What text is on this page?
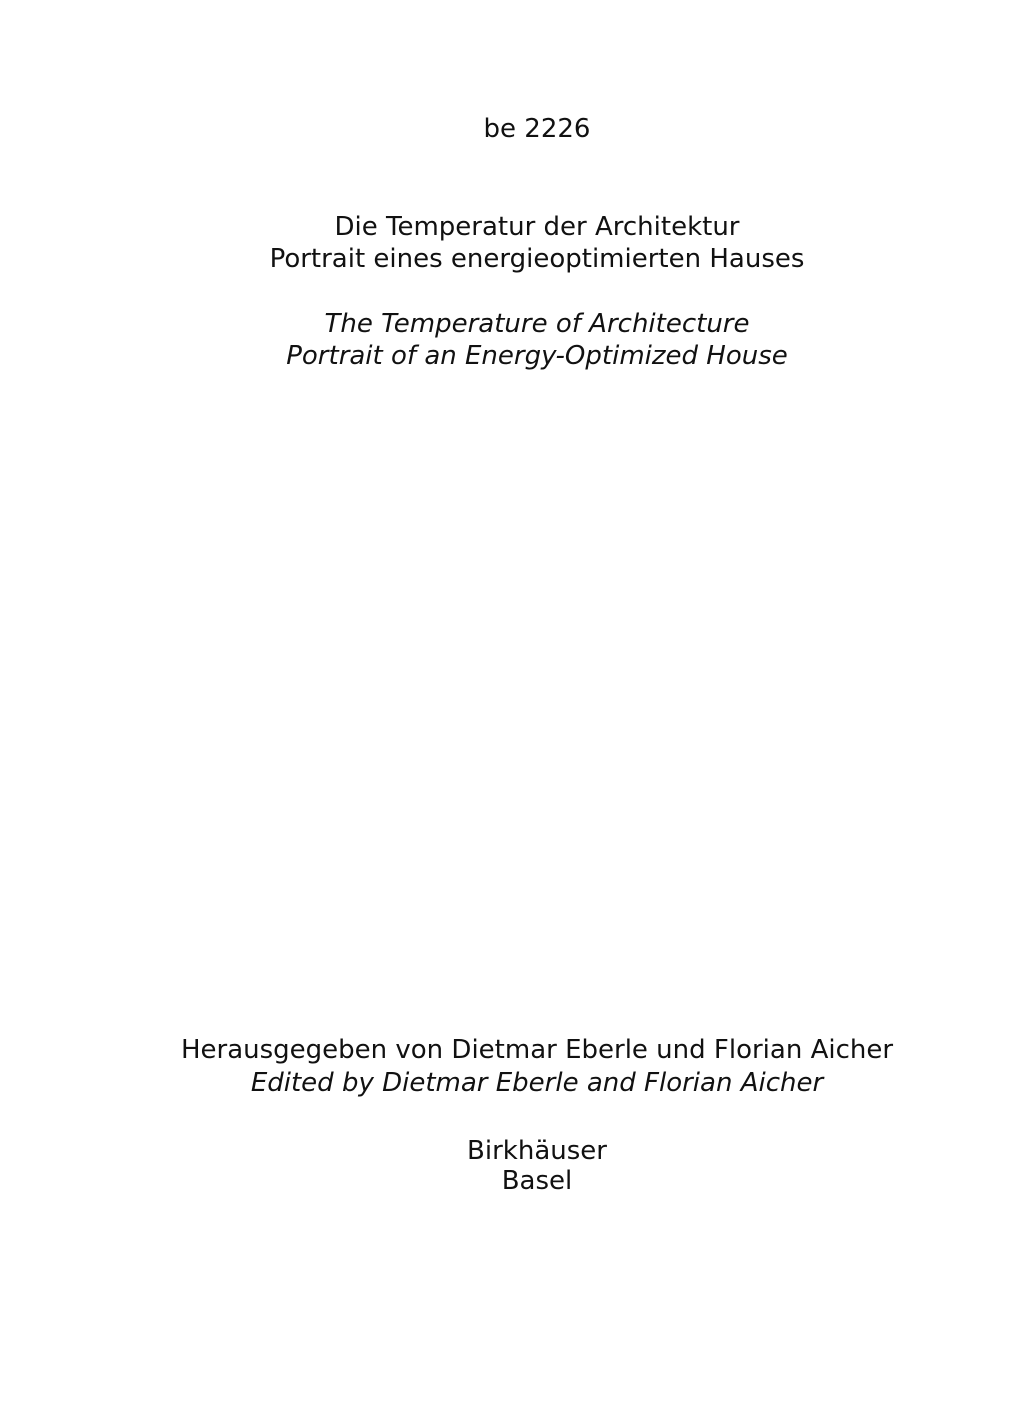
be 2226
Die Temperatur der Architektur
Portrait eines energieoptimierten Hauses
The Temperature of Architecture
Portrait of an Energy-Optimized House
Herausgegeben von Dietmar Eberle und Florian Aicher
Edited by Dietmar Eberle and Florian Aicher
Birkhäuser
Basel
